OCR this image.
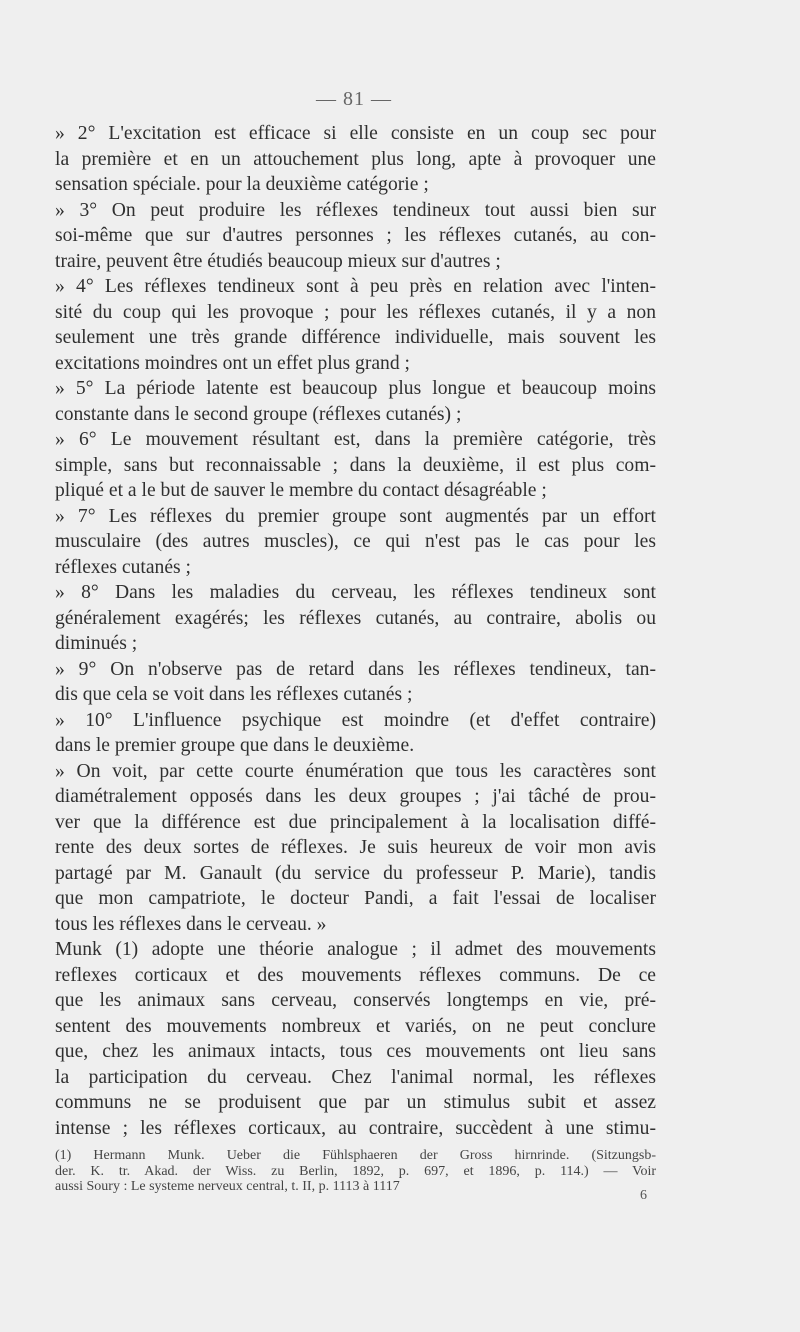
— 81 —
» 2° L'excitation est efficace si elle consiste en un coup sec pour
la première et en un attouchement plus long, apte à provoquer une
sensation spéciale. pour la deuxième catégorie ;
» 3° On peut produire les réflexes tendineux tout aussi bien sur
soi-même que sur d'autres personnes ; les réflexes cutanés, au con-
traire, peuvent être étudiés beaucoup mieux sur d'autres ;
» 4° Les réflexes tendineux sont à peu près en relation avec l'inten-
sité du coup qui les provoque ; pour les réflexes cutanés, il y a non
seulement une très grande différence individuelle, mais souvent les
excitations moindres ont un effet plus grand ;
» 5° La période latente est beaucoup plus longue et beaucoup moins
constante dans le second groupe (réflexes cutanés) ;
» 6° Le mouvement résultant est, dans la première catégorie, très
simple, sans but reconnaissable ; dans la deuxième, il est plus com-
pliqué et a le but de sauver le membre du contact désagréable ;
» 7° Les réflexes du premier groupe sont augmentés par un effort
musculaire (des autres muscles), ce qui n'est pas le cas pour les
réflexes cutanés ;
» 8° Dans les maladies du cerveau, les réflexes tendineux sont
généralement exagérés; les réflexes cutanés, au contraire, abolis ou
diminués ;
» 9° On n'observe pas de retard dans les réflexes tendineux, tan-
dis que cela se voit dans les réflexes cutanés ;
» 10° L'influence psychique est moindre (et d'effet contraire)
dans le premier groupe que dans le deuxième.
» On voit, par cette courte énumération que tous les caractères sont
diamétralement opposés dans les deux groupes ; j'ai tâché de prou-
ver que la différence est due principalement à la localisation diffé-
rente des deux sortes de réflexes. Je suis heureux de voir mon avis
partagé par M. Ganault (du service du professeur P. Marie), tandis
que mon campatriote, le docteur Pandi, a fait l'essai de localiser
tous les réflexes dans le cerveau. »
Munk (1) adopte une théorie analogue ; il admet des mouvements
reflexes corticaux et des mouvements réflexes communs. De ce
que les animaux sans cerveau, conservés longtemps en vie, pré-
sentent des mouvements nombreux et variés, on ne peut conclure
que, chez les animaux intacts, tous ces mouvements ont lieu sans
la participation du cerveau. Chez l'animal normal, les réflexes
communs ne se produisent que par un stimulus subit et assez
intense ; les réflexes corticaux, au contraire, succèdent à une stimu-
(1) Hermann Munk. Ueber die Fühlsphaeren der Gross hirnrinde. (Sitzungsb-
der. K. tr. Akad. der Wiss. zu Berlin, 1892, p. 697, et 1896, p. 114.) — Voir
aussi Soury : Le systeme nerveux central, t. II, p. 1113 à 1117
6
